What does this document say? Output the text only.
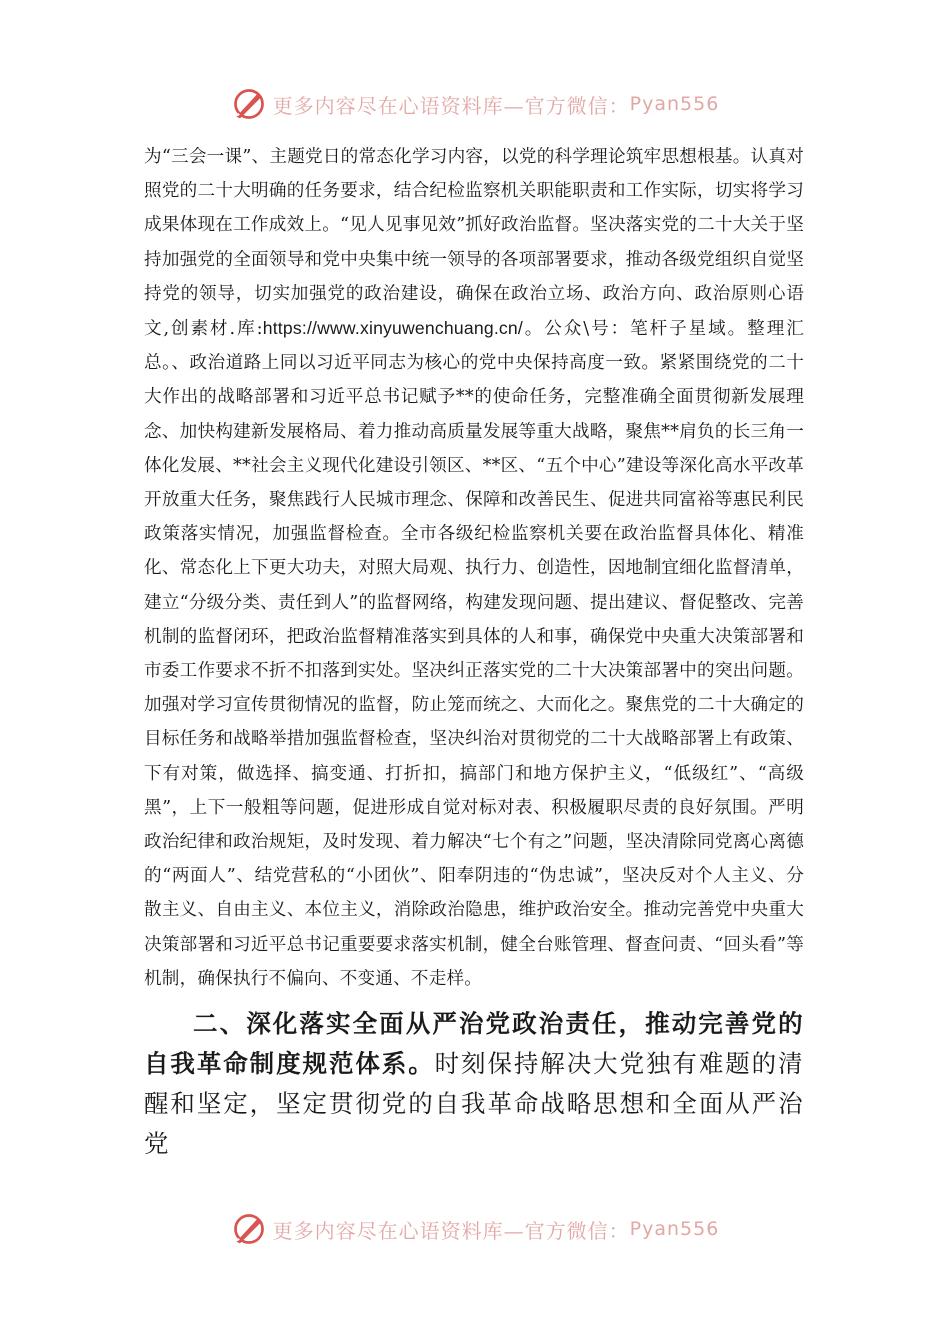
更多内容尽在心语资料库—官方微信： Pyan556

为“三会一课”、主题党日的常态化学习内容，以党的科学理论筑牢思想根基。认真对照党的二十大明确的任务要求，结合纪检监察机关职能职责和工作实际，切实将学习成果体现在工作成效上。“见人见事见效”抓好政治监督。坚决落实党的二十大关于坚持加强党的全面领导和党中央集中统一领导的各项部署要求，推动各级党组织自觉坚持党的领导，切实加强党的政治建设，确保在政治立场、政治方向、政治原则心语文,创素材.库:https://www.xinyuwenchuang.cn/。公众\号：笔杆子星域。整理汇总。、政治道路上同以习近平同志为核心的党中央保持高度一致。紧紧围绕党的二十大作出的战略部署和习近平总书记赋予**的使命任务，完整准确全面贯彻新发展理念、加快构建新发展格局、着力推动高质量发展等重大战略，聚焦**肩负的长三角一体化发展、**社会主义现代化建设引领区、**区、“五个中心”建设等深化高水平改革开放重大任务，聚焦践行人民城市理念、保障和改善民生、促进共同富裕等惠民利民政策落实情况，加强监督检查。全市各级纪检监察机关要在政治监督具体化、精准化、常态化上下更大功夫，对照大局观、执行力、创造性，因地制宜细化监督清单，建立“分级分类、责任到人”的监督网络，构建发现问题、提出建议、督促整改、完善机制的监督闭环，把政治监督精准落实到具体的人和事，确保党中央重大决策部署和市委工作要求不折不扣落到实处。坚决纠正落实党的二十大决策部署中的突出问题。加强对学习宣传贯彻情况的监督，防止笼而统之、大而化之。聚焦党的二十大确定的目标任务和战略举措加强监督检查，坚决纠治对贯彻党的二十大战略部署上有政策、下有对策，做选择、搞变通、打折扣，搞部门和地方保护主义，“低级红”、“高级黑”，上下一般粗等问题，促进形成自觉对标对表、积极履职尽责的良好氛围。严明政治纪律和政治规矩，及时发现、着力解决“七个有之”问题，坚决清除同党离心离德的“两面人”、结党营私的“小团伙”、阳奉阴违的“伪忠诚”，坚决反对个人主义、分散主义、自由主义、本位主义，消除政治隐患，维护政治安全。推动完善党中央重大决策部署和习近平总书记重要要求落实机制，健全台账管理、督查问责、“回头看”等机制，确保执行不偏向、不变通、不走样。

二、深化落实全面从严治党政治责任，推动完善党的自我革命制度规范体系。时刻保持解决大党独有难题的清醒和坚定，坚定贯彻党的自我革命战略思想和全面从严治党

更多内容尽在心语资料库—官方微信： Pyan556
